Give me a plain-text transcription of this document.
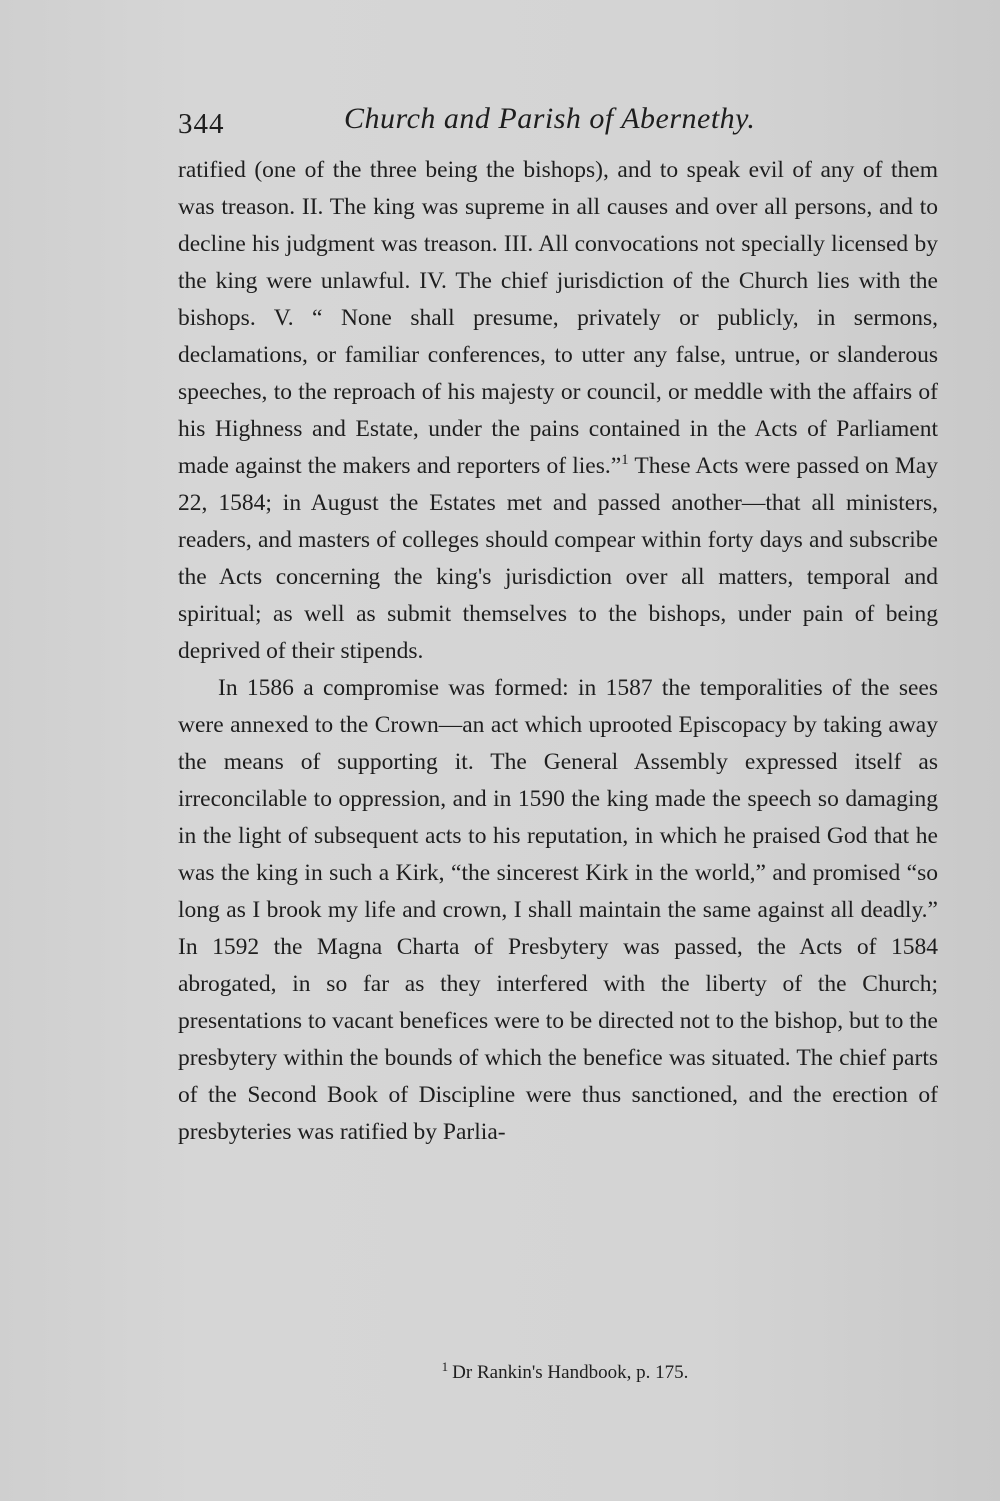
344	Church and Parish of Abernethy.

ratified (one of the three being the bishops), and to speak evil of any of them was treason. II. The king was supreme in all causes and over all persons, and to decline his judgment was treason. III. All convocations not specially licensed by the king were unlawful. IV. The chief jurisdiction of the Church lies with the bishops. V. “ None shall presume, privately or publicly, in sermons, declamations, or familiar conferences, to utter any false, untrue, or slanderous speeches, to the reproach of his majesty or council, or meddle with the affairs of his Highness and Estate, under the pains contained in the Acts of Parliament made against the makers and reporters of lies.”$^1$ These Acts were passed on May 22, 1584; in August the Estates met and passed another—that all ministers, readers, and masters of colleges should compear within forty days and subscribe the Acts concerning the king's jurisdiction over all matters, temporal and spiritual; as well as submit themselves to the bishops, under pain of being deprived of their stipends.

In 1586 a compromise was formed: in 1587 the temporalities of the sees were annexed to the Crown—an act which uprooted Episcopacy by taking away the means of supporting it. The General Assembly expressed itself as irreconcilable to oppression, and in 1590 the king made the speech so damaging in the light of subsequent acts to his reputation, in which he praised God that he was the king in such a Kirk, “the sincerest Kirk in the world,” and promised “so long as I brook my life and crown, I shall maintain the same against all deadly.” In 1592 the Magna Charta of Presbytery was passed, the Acts of 1584 abrogated, in so far as they interfered with the liberty of the Church; presentations to vacant benefices were to be directed not to the bishop, but to the presbytery within the bounds of which the benefice was situated. The chief parts of the Second Book of Discipline were thus sanctioned, and the erection of presbyteries was ratified by Parlia-

$^1$ Dr Rankin's Handbook, p. 175.
